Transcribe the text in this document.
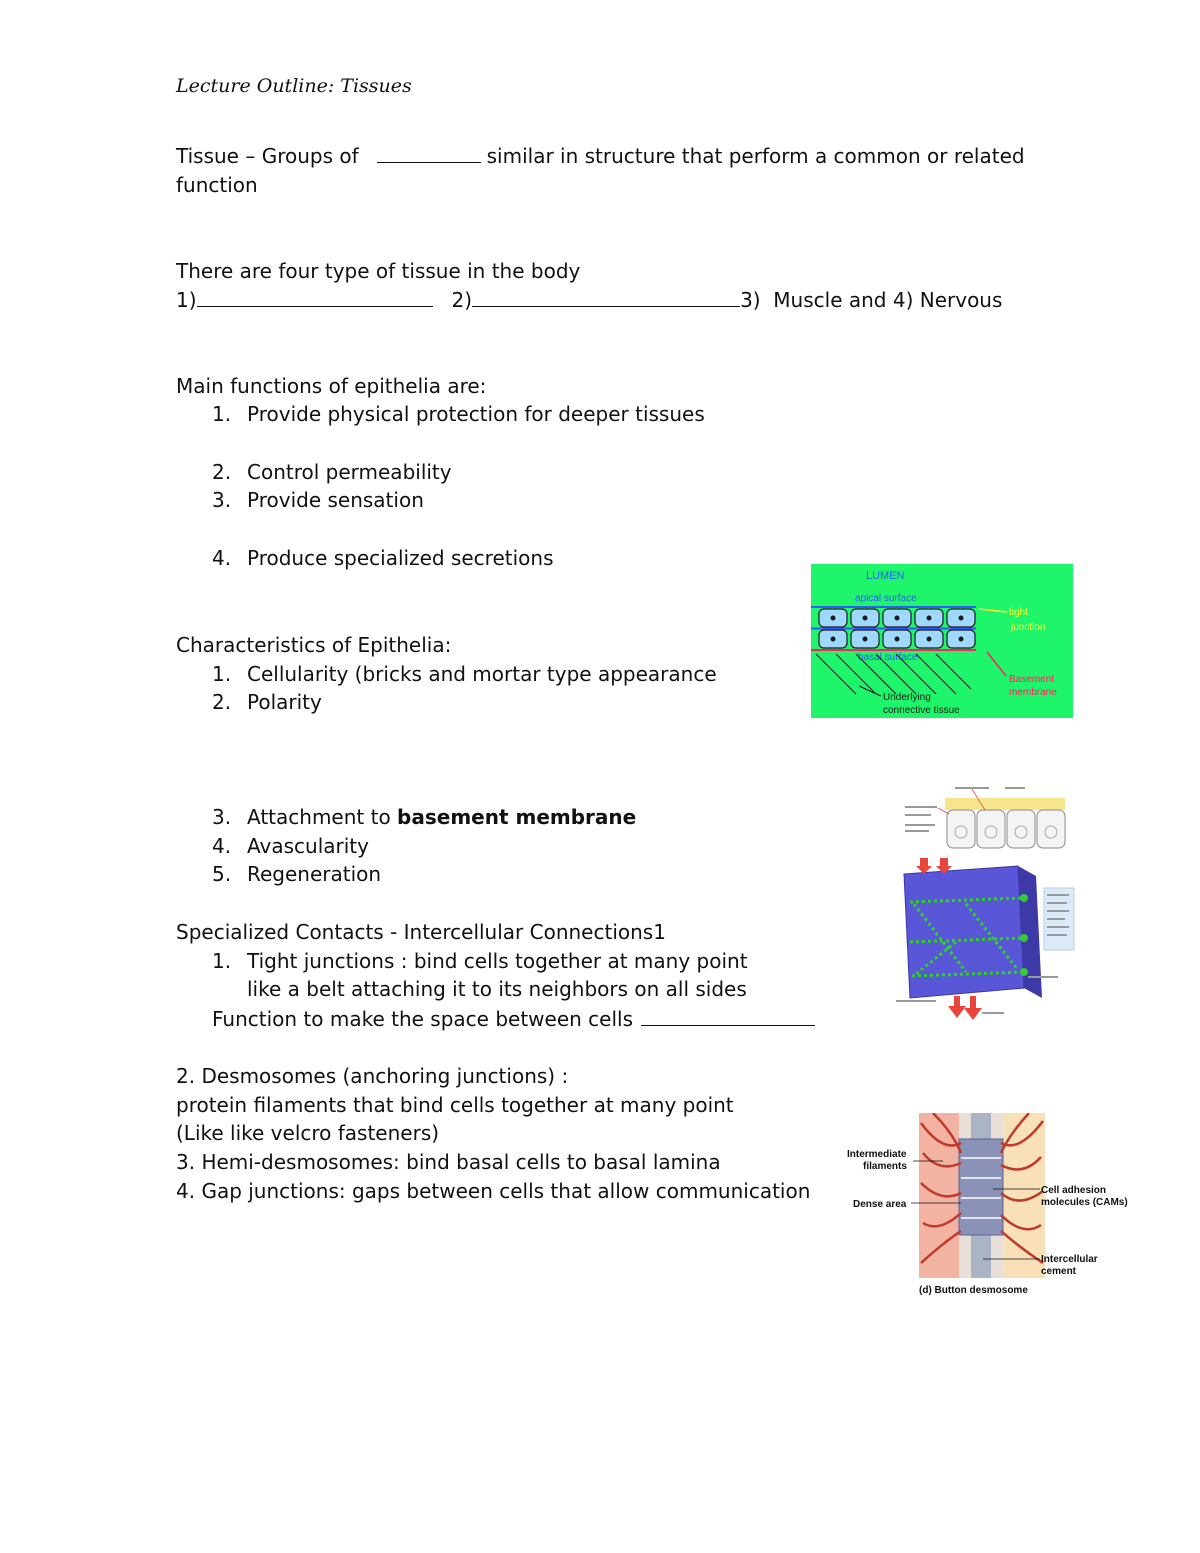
Lecture Outline: Tissues
Tissue – Groups of	similar in structure that perform a common or related
function
There are four type of tissue in the body
1)	2)	3)  Muscle and 4) Nervous
Main functions of epithelia are:
1. Provide physical protection for deeper tissues
2. Control permeability
3. Provide sensation
4. Produce specialized secretions
Characteristics of Epithelia:
1. Cellularity (bricks and mortar type appearance
2. Polarity
3. Attachment to basement membrane
4. Avascularity
5. Regeneration
Specialized Contacts - Intercellular Connections1
1. Tight junctions : bind cells together at many point
like a belt attaching it to its neighbors on all sides
Function to make the space between cells
2. Desmosomes (anchoring junctions) :
protein filaments that bind cells together at many point
(Like like velcro fasteners)
3. Hemi-desmosomes: bind basal cells to basal lamina
4. Gap junctions: gaps between cells that allow communication
LUMEN
apical surface
basal surface
tight
junction
Basement
membrane
Underlying
connective tissue
Intermediate
filaments
Dense area
Cell adhesion
molecules (CAMs)
Intercellular
cement
(d) Button desmosome
